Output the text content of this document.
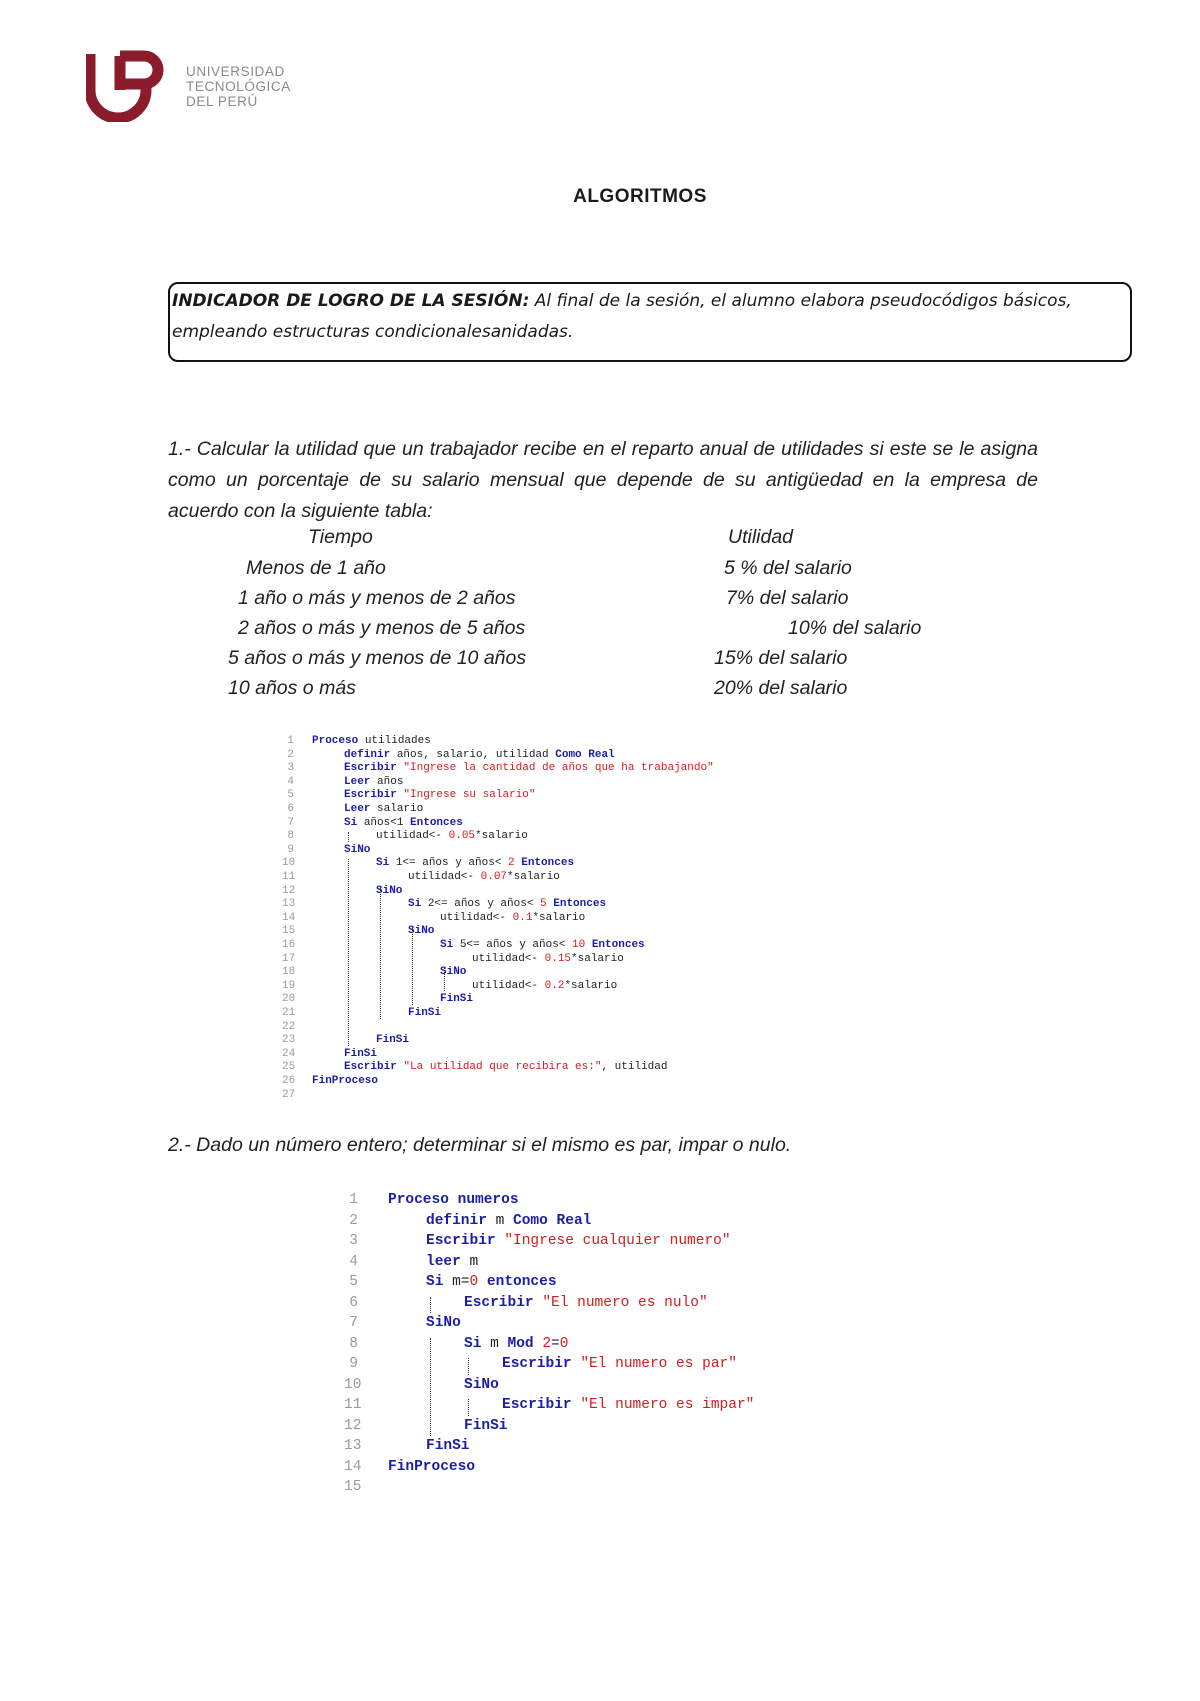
UNIVERSIDAD
TECNOLÓGICA
DEL PERÚ
ALGORITMOS
INDICADOR DE LOGRO DE LA SESIÓN: Al final de la sesión, el alumno elabora pseudocódigos básicos, empleando estructuras condicionalesanidadas.
1.- Calcular la utilidad que un trabajador recibe en el reparto anual de utilidades si este se le asigna como un porcentaje de su salario mensual que depende de su antigüedad en la empresa de acuerdo con la siguiente tabla:
Tiempo	Utilidad
Menos de 1 año	5 % del salario
1 año o más y menos de 2 años	7% del salario
2 años o más y menos de 5 años	10% del salario
5 años o más y menos de 10 años	15% del salario
10 años o más	20% del salario
1 Proceso utilidades
2	definir años, salario, utilidad Como Real
3	Escribir "Ingrese la cantidad de años que ha trabajando"
4	Leer años
5	Escribir "Ingrese su salario"
6	Leer salario
7	Si años<1 Entonces
8	utilidad<- 0.05*salario
9	SiNo
10	Si 1<= años y años< 2 Entonces
11	utilidad<- 0.07*salario
12	SiNo
13	Si 2<= años y años< 5 Entonces
14	utilidad<- 0.1*salario
15	SiNo
16	Si 5<= años y años< 10 Entonces
17	utilidad<- 0.15*salario
18	SiNo
19	utilidad<- 0.2*salario
20	FinSi
21	FinSi
22
23	FinSi
24	FinSi
25	Escribir "La utilidad que recibira es:", utilidad
26 FinProceso
27
2.- Dado un número entero; determinar si el mismo es par, impar o nulo.
1 Proceso numeros
2	definir m Como Real
3	Escribir "Ingrese cualquier numero"
4	leer m
5	Si m=0 entonces
6	Escribir "El numero es nulo"
7	SiNo
8	Si m Mod 2=0
9	Escribir "El numero es par"
10	SiNo
11	Escribir "El numero es impar"
12	FinSi
13	FinSi
14 FinProceso
15
